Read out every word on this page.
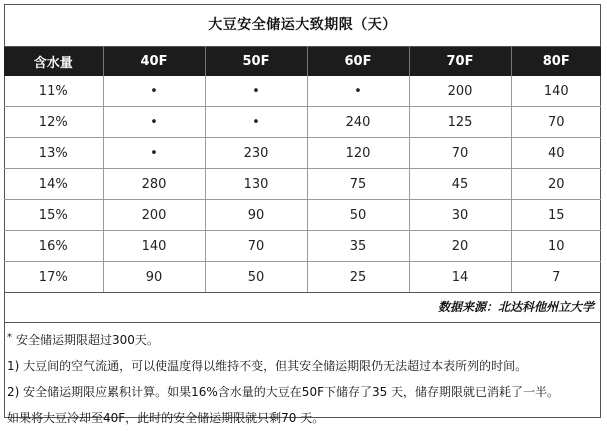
大豆安全储运大致期限（天）
含水量	40F	50F	60F	70F	80F
11%	•	•	•	200	140
12%	•	•	240	125	70
13%	•	230	120	70	40
14%	280	130	75	45	20
15%	200	90	50	30	15
16%	140	70	35	20	10
17%	90	50	25	14	7
数据来源：北达科他州立大学
* 安全储运期限超过300天。
1) 大豆间的空气流通，可以使温度得以维持不变，但其安全储运期限仍无法超过本表所列的时间。
2) 安全储运期限应累积计算。如果16%含水量的大豆在50F下储存了35 天，储存期限就已消耗了一半。
如果将大豆冷却至40F，此时的安全储运期限就只剩70 天。
